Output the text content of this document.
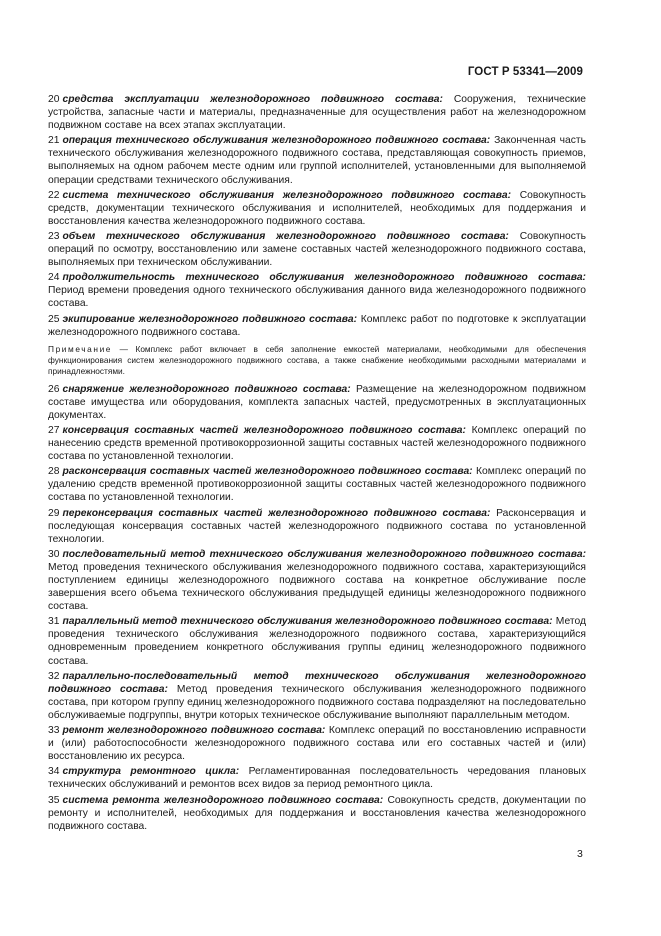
ГОСТ Р 53341—2009

20 средства эксплуатации железнодорожного подвижного состава: Сооружения, технические устройства, запасные части и материалы, предназначенные для осуществления работ на железнодорожном подвижном составе на всех этапах эксплуатации.

21 операция технического обслуживания железнодорожного подвижного состава: Законченная часть технического обслуживания железнодорожного подвижного состава, представляющая совокупность приемов, выполняемых на одном рабочем месте одним или группой исполнителей, установленными для выполняемой операции средствами технического обслуживания.

22 система технического обслуживания железнодорожного подвижного состава: Совокупность средств, документации технического обслуживания и исполнителей, необходимых для поддержания и восстановления качества железнодорожного подвижного состава.

23 объем технического обслуживания железнодорожного подвижного состава: Совокупность операций по осмотру, восстановлению или замене составных частей железнодорожного подвижного состава, выполняемых при техническом обслуживании.

24 продолжительность технического обслуживания железнодорожного подвижного состава: Период времени проведения одного технического обслуживания данного вида железнодорожного подвижного состава.

25 экипирование железнодорожного подвижного состава: Комплекс работ по подготовке к эксплуатации железнодорожного подвижного состава.

Примечание — Комплекс работ включает в себя заполнение емкостей материалами, необходимыми для обеспечения функционирования систем железнодорожного подвижного состава, а также снабжение необходимыми расходными материалами и принадлежностями.

26 снаряжение железнодорожного подвижного состава: Размещение на железнодорожном подвижном составе имущества или оборудования, комплекта запасных частей, предусмотренных в эксплуатационных документах.

27 консервация составных частей железнодорожного подвижного состава: Комплекс операций по нанесению средств временной противокоррозионной защиты составных частей железнодорожного подвижного состава по установленной технологии.

28 расконсервация составных частей железнодорожного подвижного состава: Комплекс операций по удалению средств временной противокоррозионной защиты составных частей железнодорожного подвижного состава по установленной технологии.

29 переконсервация составных частей железнодорожного подвижного состава: Расконсервация и последующая консервация составных частей железнодорожного подвижного состава по установленной технологии.

30 последовательный метод технического обслуживания железнодорожного подвижного состава: Метод проведения технического обслуживания железнодорожного подвижного состава, характеризующийся поступлением единицы железнодорожного подвижного состава на конкретное обслуживание после завершения всего объема технического обслуживания предыдущей единицы железнодорожного подвижного состава.

31 параллельный метод технического обслуживания железнодорожного подвижного состава: Метод проведения технического обслуживания железнодорожного подвижного состава, характеризующийся одновременным проведением конкретного обслуживания группы единиц железнодорожного подвижного состава.

32 параллельно-последовательный метод технического обслуживания железнодорожного подвижного состава: Метод проведения технического обслуживания железнодорожного подвижного состава, при котором группу единиц железнодорожного подвижного состава подразделяют на последовательно обслуживаемые подгруппы, внутри которых техническое обслуживание выполняют параллельным методом.

33 ремонт железнодорожного подвижного состава: Комплекс операций по восстановлению исправности и (или) работоспособности железнодорожного подвижного состава или его составных частей и (или) восстановлению их ресурса.

34 структура ремонтного цикла: Регламентированная последовательность чередования плановых технических обслуживаний и ремонтов всех видов за период ремонтного цикла.

35 система ремонта железнодорожного подвижного состава: Совокупность средств, документации по ремонту и исполнителей, необходимых для поддержания и восстановления качества железнодорожного подвижного состава.

3
